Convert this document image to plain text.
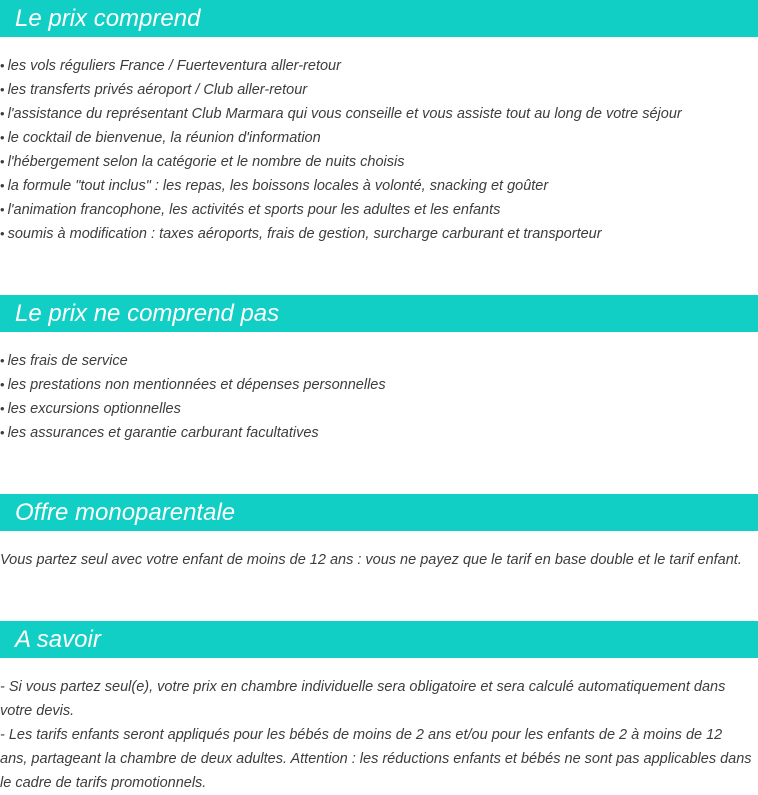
Le prix comprend
• les vols réguliers France / Fuerteventura aller-retour
• les transferts privés aéroport / Club aller-retour
• l'assistance du représentant Club Marmara qui vous conseille et vous assiste tout au long de votre séjour
• le cocktail de bienvenue, la réunion d'information
• l'hébergement selon la catégorie et le nombre de nuits choisis
• la formule "tout inclus" : les repas, les boissons locales à volonté, snacking et goûter
• l'animation francophone, les activités et sports pour les adultes et les enfants
• soumis à modification : taxes aéroports, frais de gestion, surcharge carburant et transporteur
Le prix ne comprend pas
• les frais de service
• les prestations non mentionnées et dépenses personnelles
• les excursions optionnelles
• les assurances et garantie carburant facultatives
Offre monoparentale

Vous partez seul avec votre enfant de moins de 12 ans : vous ne payez que le tarif en base double et le tarif enfant.

A savoir

- Si vous partez seul(e), votre prix en chambre individuelle sera obligatoire et sera calculé automatiquement dans votre devis.

- Les tarifs enfants seront appliqués pour les bébés de moins de 2 ans et/ou pour les enfants de 2 à moins de 12 ans, partageant la chambre de deux adultes. Attention : les réductions enfants et bébés ne sont pas applicables dans le cadre de tarifs promotionnels.
